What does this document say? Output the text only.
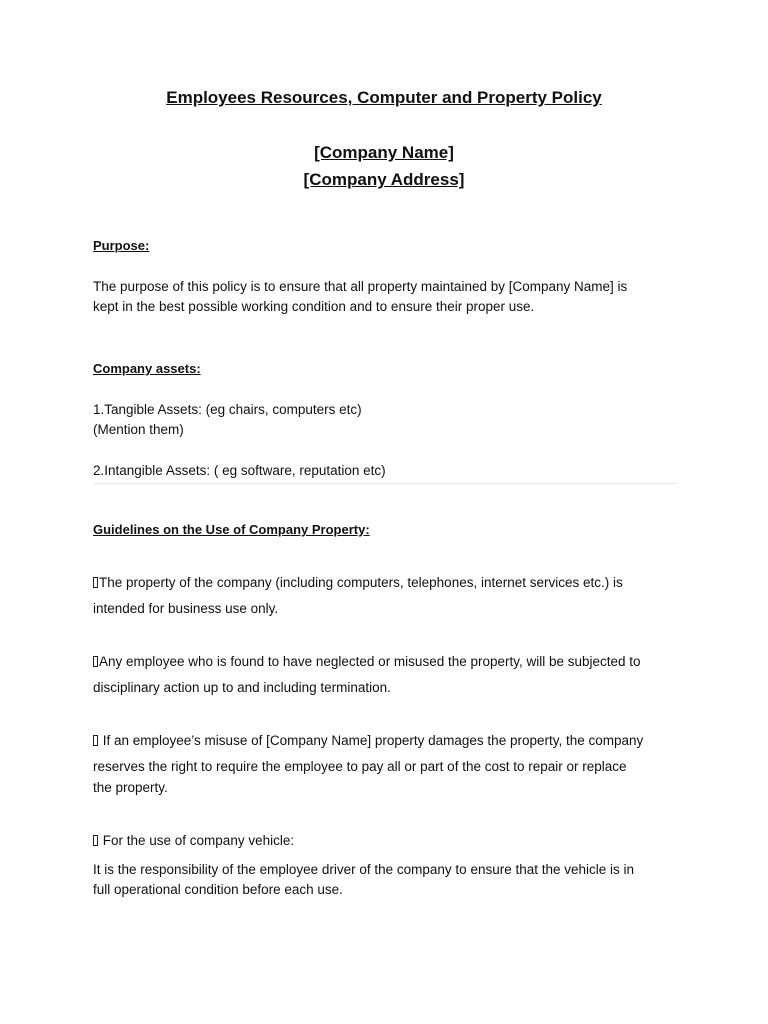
Employees Resources, Computer and Property Policy

[Company Name]

[Company Address]

Purpose:

The purpose of this policy is to ensure that all property maintained by [Company Name] is

kept in the best possible working condition and to ensure their proper use.

Company assets:

1.Tangible Assets: (eg chairs, computers etc)

(Mention them)

2.Intangible Assets: ( eg software, reputation etc)

Guidelines on the Use of Company Property:

The property of the company (including computers, telephones, internet services etc.) is

intended for business use only.

Any employee who is found to have neglected or misused the property, will be subjected to

disciplinary action up to and including termination.

If an employee’s misuse of [Company Name] property damages the property, the company

reserves the right to require the employee to pay all or part of the cost to repair or replace

the property.

For the use of company vehicle:

It is the responsibility of the employee driver of the company to ensure that the vehicle is in

full operational condition before each use.
